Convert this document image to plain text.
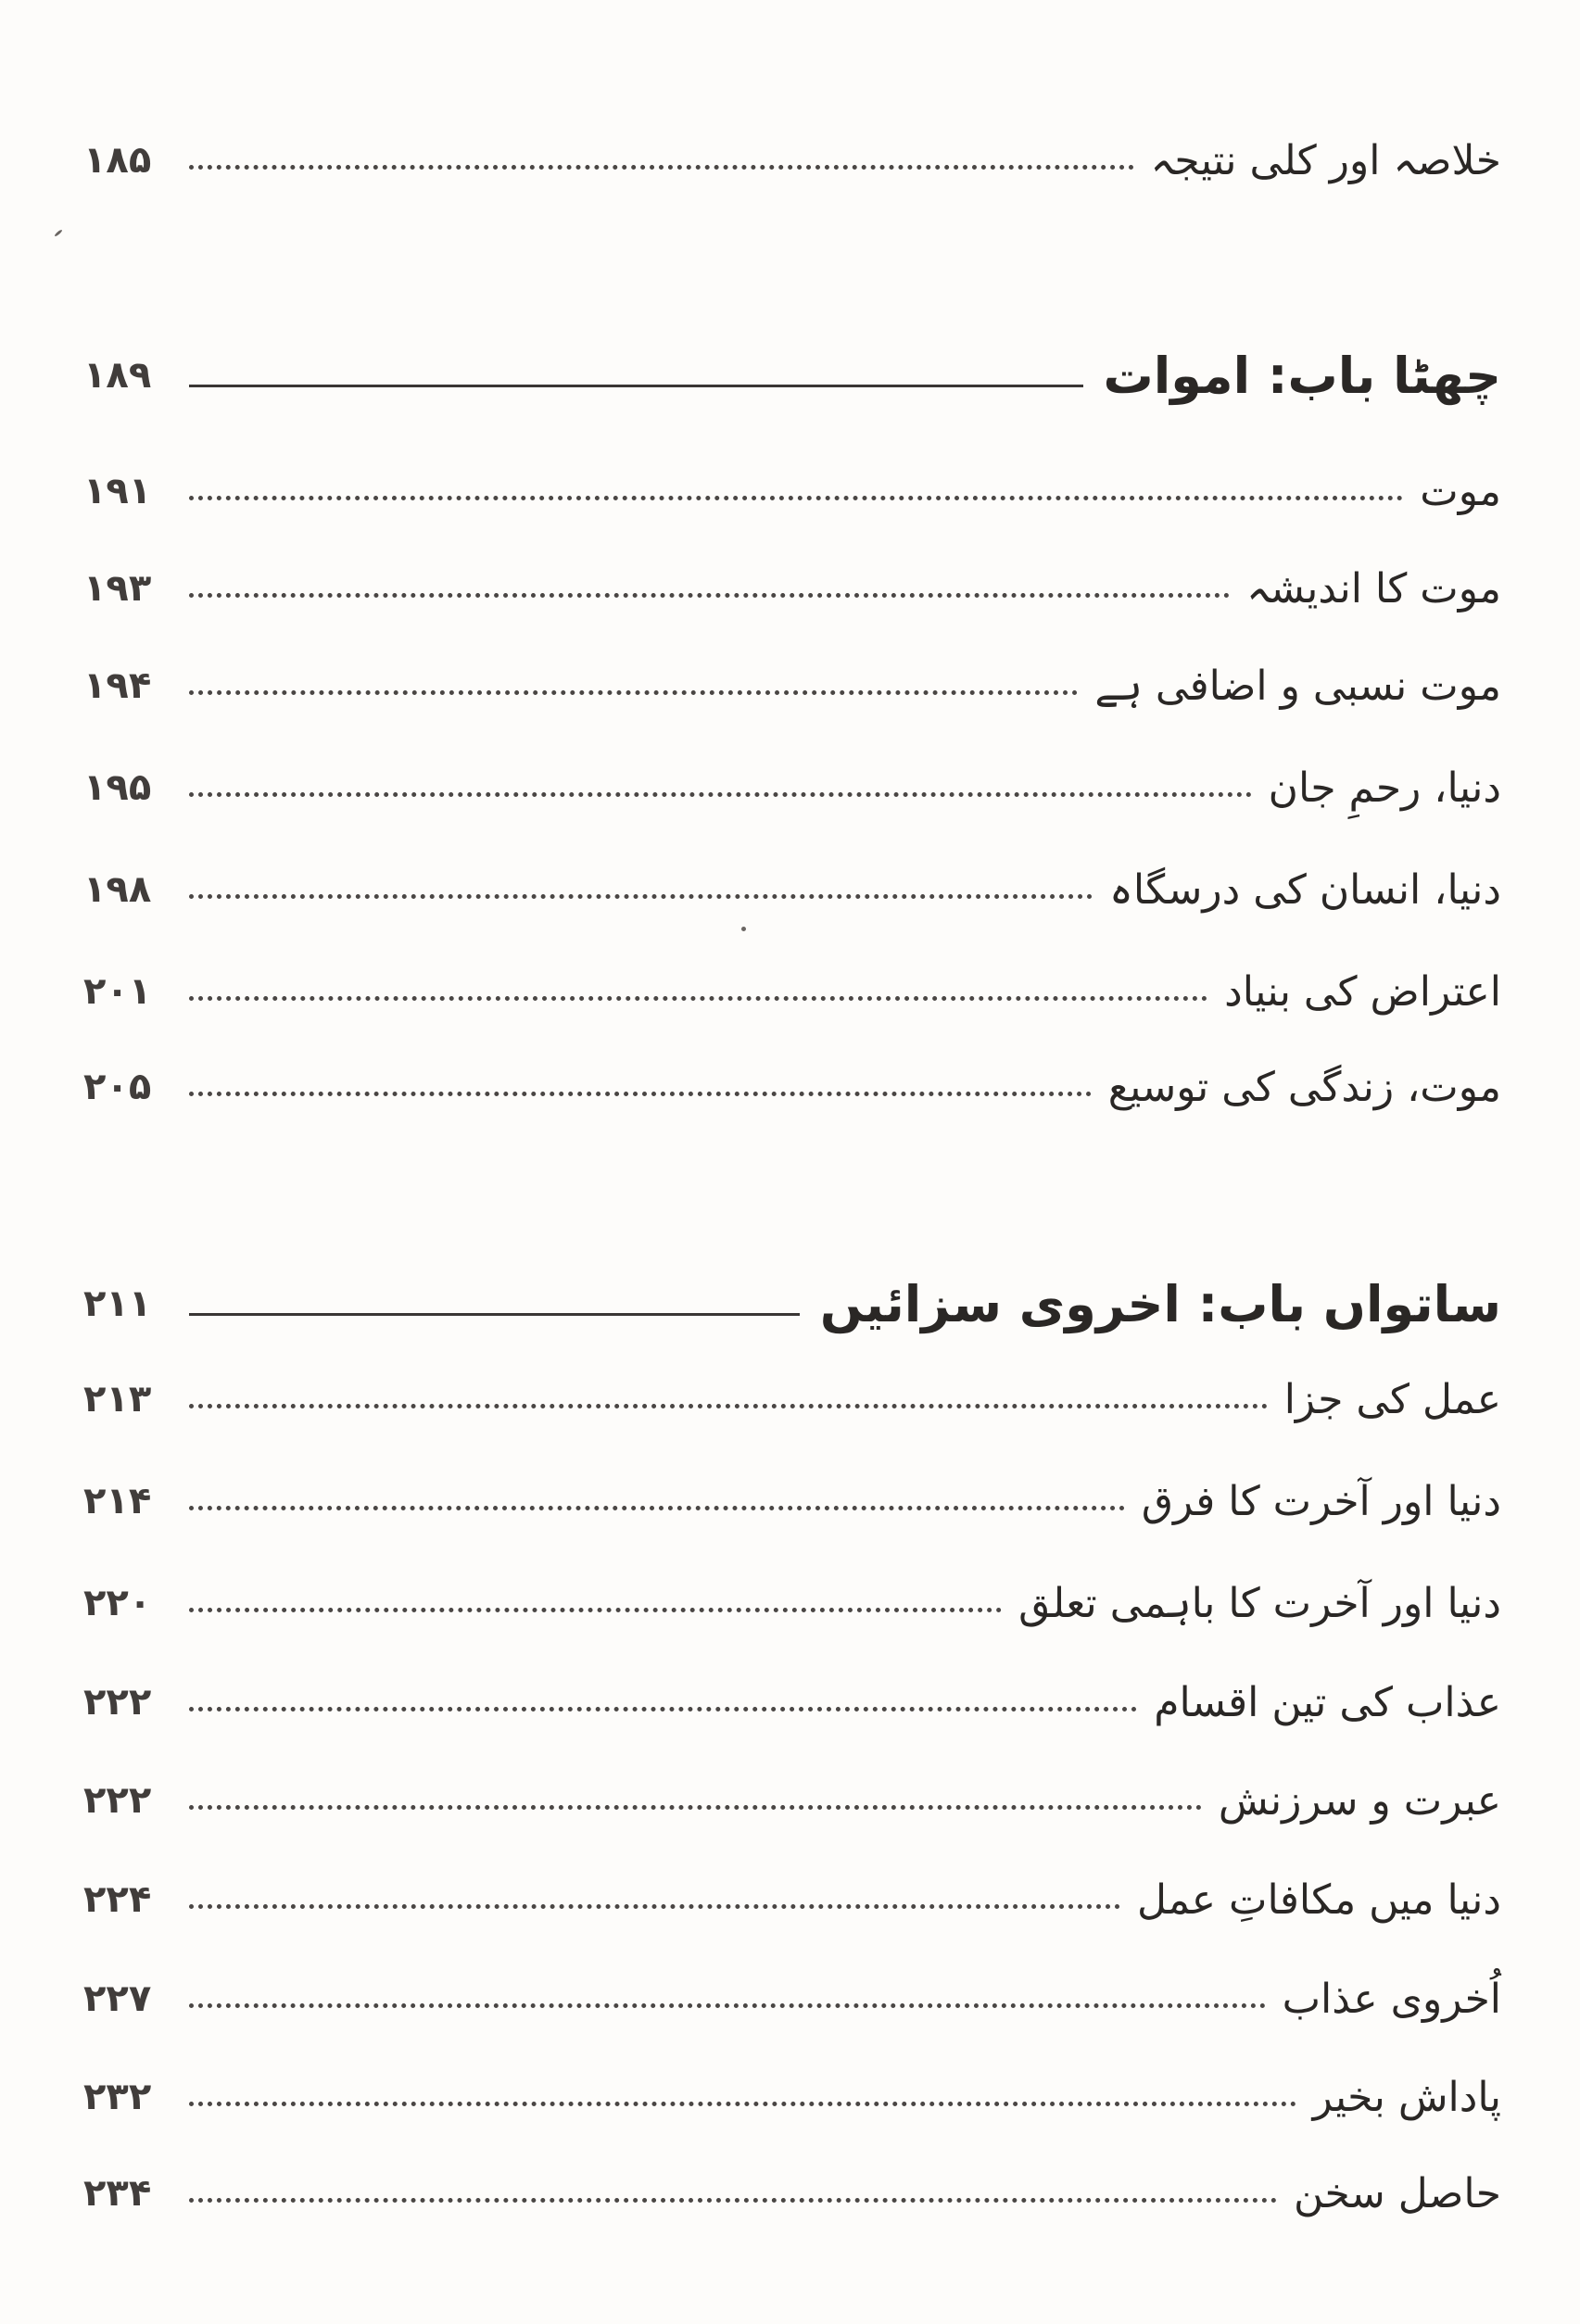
خلاصہ اور کلی نتیجہ
۱۸۵
چھٹا باب: اموات
۱۸۹
موت
۱۹۱
موت کا اندیشہ
۱۹۳
موت نسبی و اضافی ہے
۱۹۴
دنیا، رحمِ جان
۱۹۵
دنیا، انسان کی درسگاہ
۱۹۸
اعتراض کی بنیاد
۲۰۱
موت، زندگی کی توسیع
۲۰۵
ساتواں باب: اخروی سزائیں
۲۱۱
عمل کی جزا
۲۱۳
دنیا اور آخرت کا فرق
۲۱۴
دنیا اور آخرت کا باہمی تعلق
۲۲۰
عذاب کی تین اقسام
۲۲۲
عبرت و سرزنش
۲۲۲
دنیا میں مکافاتِ عمل
۲۲۴
اُخروی عذاب
۲۲۷
پاداش بخیر
۲۳۲
حاصل سخن
۲۳۴
